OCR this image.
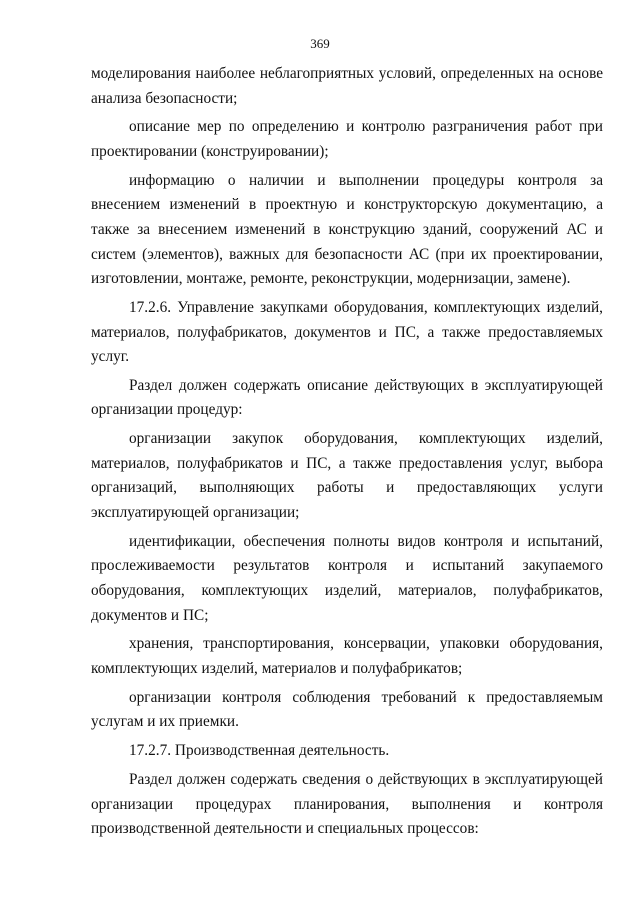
369

моделирования наиболее неблагоприятных условий, определенных на основе анализа безопасности;

описание мер по определению и контролю разграничения работ при проектировании (конструировании);

информацию о наличии и выполнении процедуры контроля за внесением изменений в проектную и конструкторскую документацию, а также за внесением изменений в конструкцию зданий, сооружений АС и систем (элементов), важных для безопасности АС (при их проектировании, изготовлении, монтаже, ремонте, реконструкции, модернизации, замене).

17.2.6. Управление закупками оборудования, комплектующих изделий, материалов, полуфабрикатов, документов и ПС, а также предоставляемых услуг.

Раздел должен содержать описание действующих в эксплуатирующей организации процедур:

организации закупок оборудования, комплектующих изделий, материалов, полуфабрикатов и ПС, а также предоставления услуг, выбора организаций, выполняющих работы и предоставляющих услуги эксплуатирующей организации;

идентификации, обеспечения полноты видов контроля и испытаний, прослеживаемости результатов контроля и испытаний закупаемого оборудования, комплектующих изделий, материалов, полуфабрикатов, документов и ПС;

хранения, транспортирования, консервации, упаковки оборудования, комплектующих изделий, материалов и полуфабрикатов;

организации контроля соблюдения требований к предоставляемым услугам и их приемки.

17.2.7. Производственная деятельность.

Раздел должен содержать сведения о действующих в эксплуатирующей организации процедурах планирования, выполнения и контроля производственной деятельности и специальных процессов:
